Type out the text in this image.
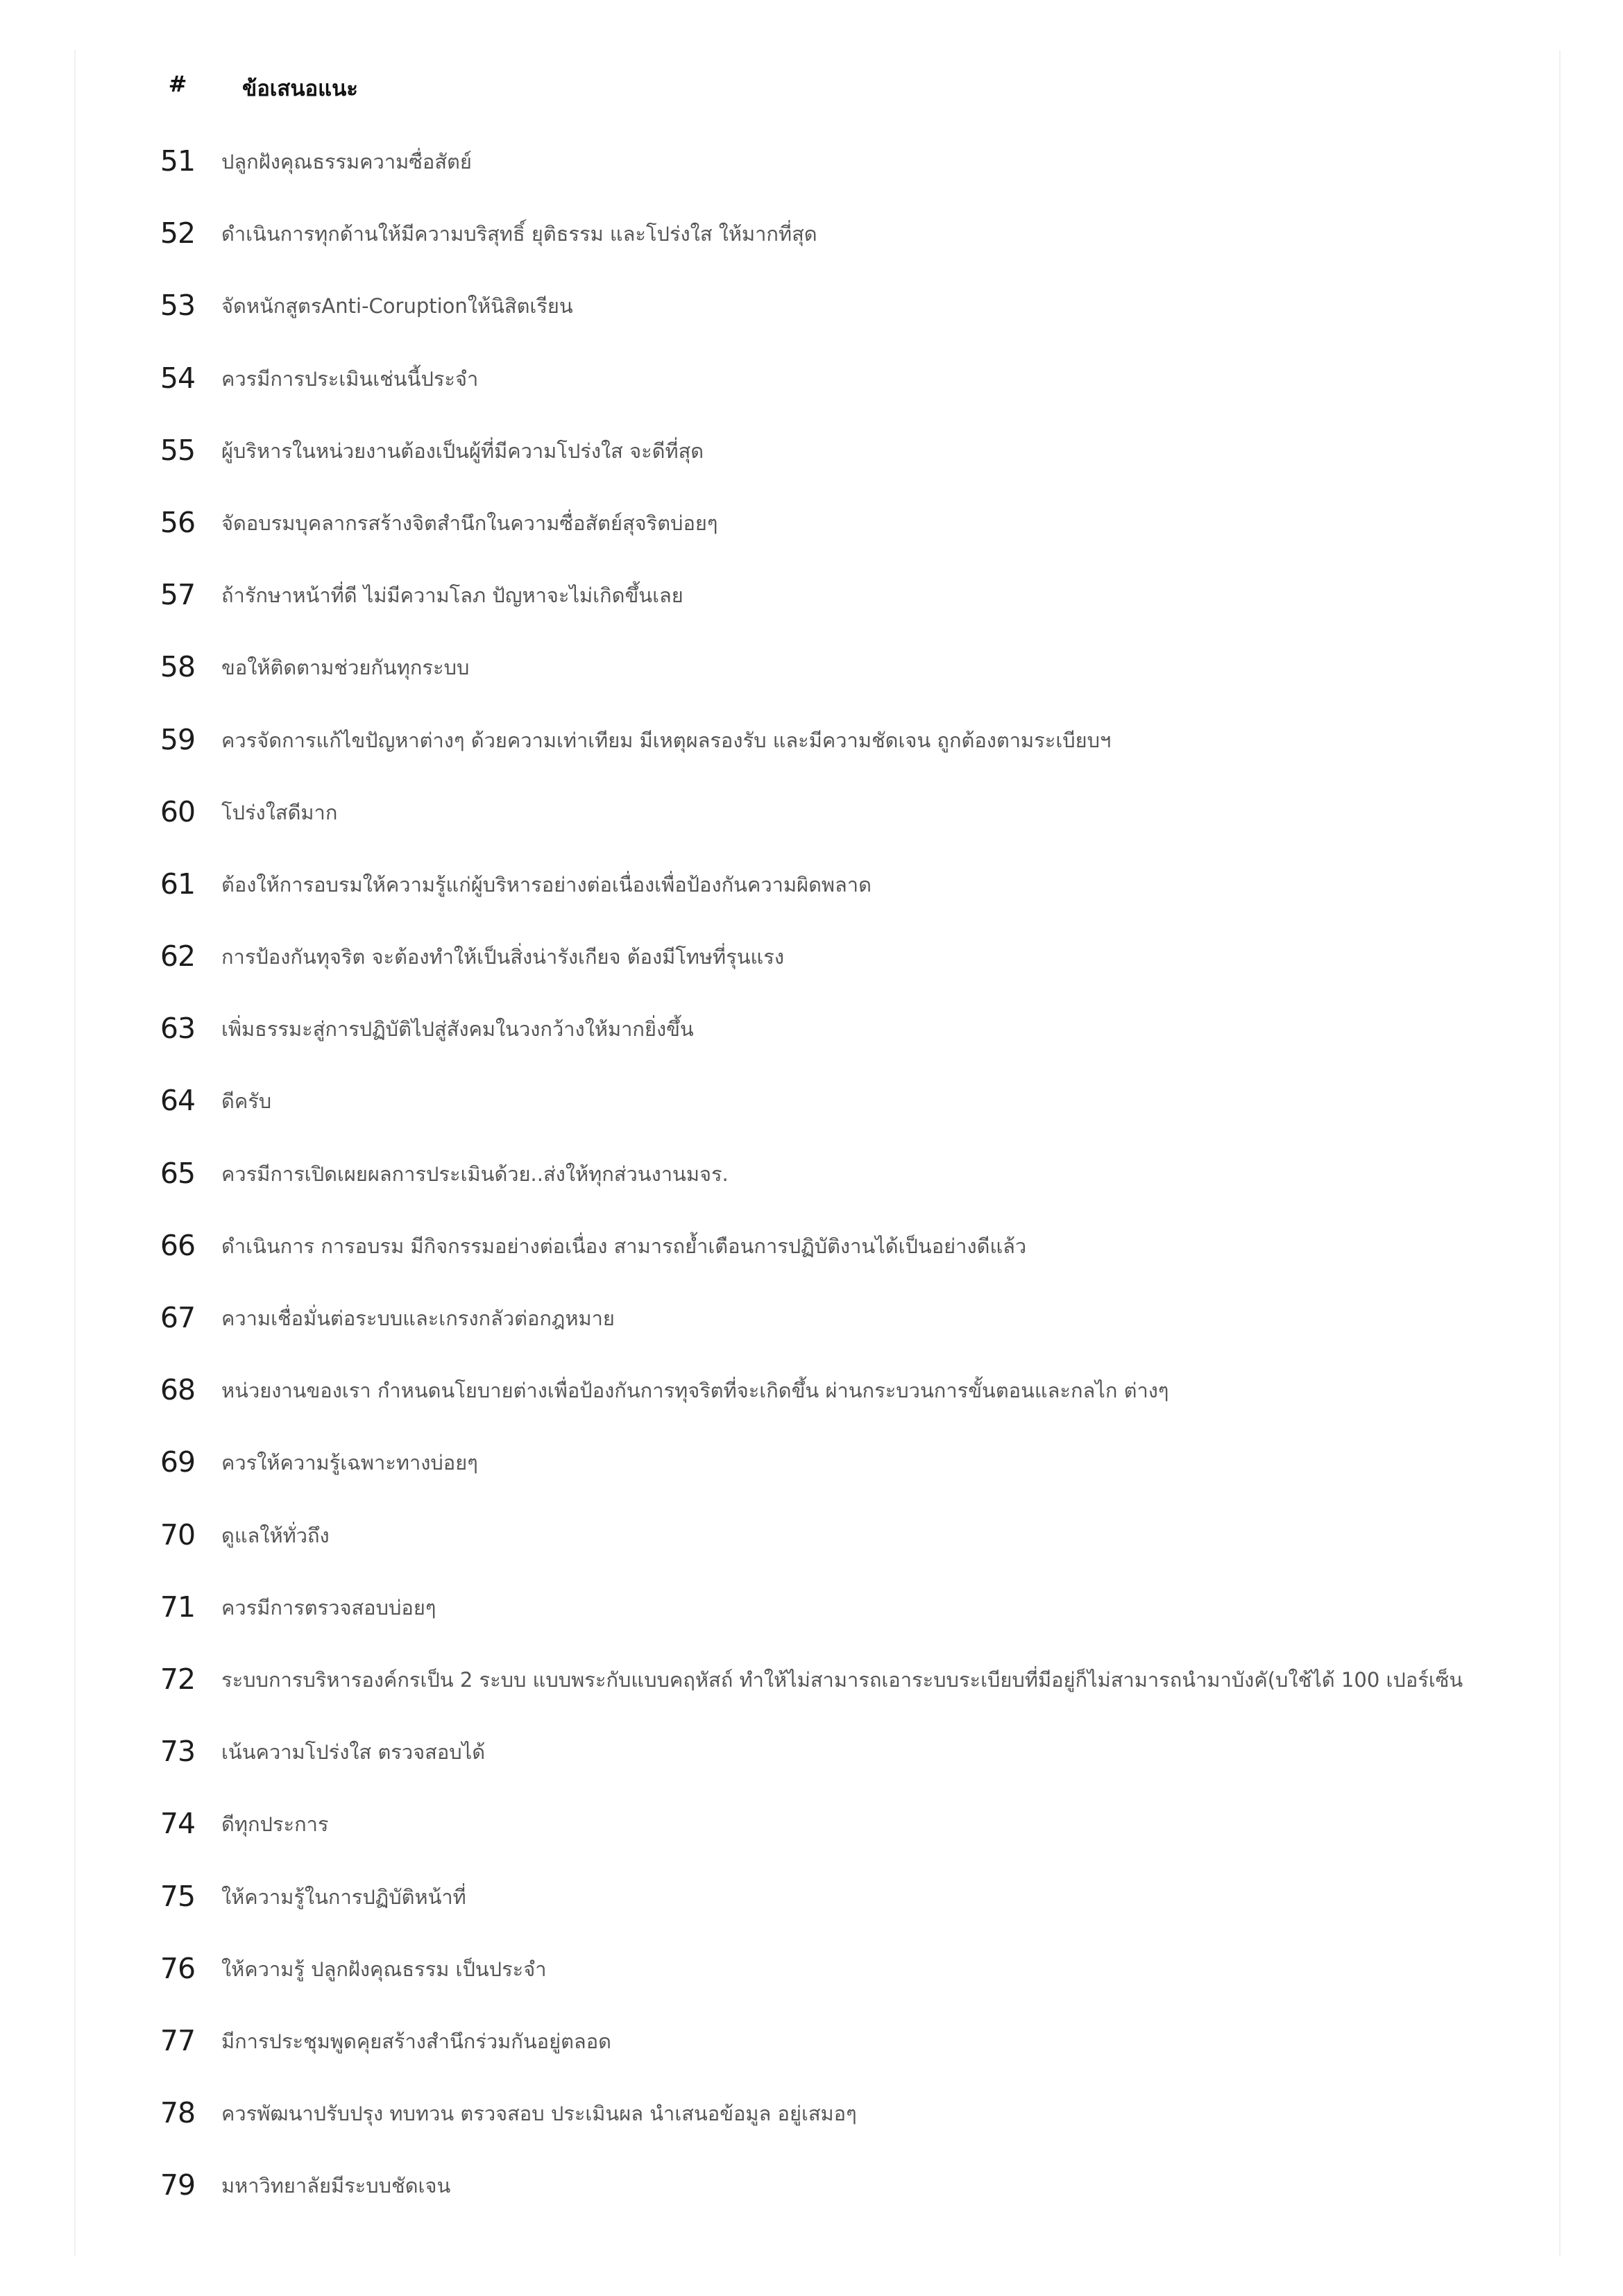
#	ข้อเสนอแนะ
51	ปลูกฝังคุณธรรมความซื่อสัตย์
52	ดำเนินการทุกด้านให้มีความบริสุทธิ์ ยุติธรรม และโปร่งใส ให้มากที่สุด
53	จัดหนักสูตรAnti-Coruptionให้นิสิตเรียน
54	ควรมีการประเมินเช่นนี้ประจำ
55	ผู้บริหารในหน่วยงานต้องเป็นผู้ที่มีความโปร่งใส จะดีที่สุด
56	จัดอบรมบุคลากรสร้างจิตสำนึกในความซื่อสัตย์สุจริตบ่อยๆ
57	ถ้ารักษาหน้าที่ดี ไม่มีความโลภ ปัญหาจะไม่เกิดขึ้นเลย
58	ขอให้ติดตามช่วยกันทุกระบบ
59	ควรจัดการแก้ไขปัญหาต่างๆ ด้วยความเท่าเทียม มีเหตุผลรองรับ และมีความชัดเจน ถูกต้องตามระเบียบฯ
60	โปร่งใสดีมาก
61	ต้องให้การอบรมให้ความรู้แก่ผู้บริหารอย่างต่อเนื่องเพื่อป้องกันความผิดพลาด
62	การป้องกันทุจริต จะต้องทำให้เป็นสิ่งน่ารังเกียจ ต้องมีโทษที่รุนแรง
63	เพิ่มธรรมะสู่การปฏิบัติไปสู่สังคมในวงกว้างให้มากยิ่งขึ้น
64	ดีครับ
65	ควรมีการเปิดเผยผลการประเมินด้วย..ส่งให้ทุกส่วนงานมจร.
66	ดำเนินการ การอบรม มีกิจกรรมอย่างต่อเนื่อง สามารถย้ำเตือนการปฏิบัติงานได้เป็นอย่างดีแล้ว
67	ความเชื่อมั่นต่อระบบและเกรงกลัวต่อกฎหมาย
68	หน่วยงานของเรา กำหนดนโยบายต่างเพื่อป้องกันการทุจริตที่จะเกิดขึ้น ผ่านกระบวนการขั้นตอนและกลไก ต่างๆ
69	ควรให้ความรู้เฉพาะทางบ่อยๆ
70	ดูแลให้ทั่วถึง
71	ควรมีการตรวจสอบบ่อยๆ
72	ระบบการบริหารองค์กรเป็น 2 ระบบ แบบพระกับแบบคฤหัสถ์ ทำให้ไม่สามารถเอาระบบระเบียบที่มีอยู่ก็ไม่สามารถนำมาบังคั(บใช้ได้ 100 เปอร์เซ็น
73	เน้นความโปร่งใส ตรวจสอบได้
74	ดีทุกประการ
75	ให้ความรู้ในการปฏิบัติหน้าที่
76	ให้ความรู้ ปลูกฝังคุณธรรม เป็นประจำ
77	มีการประชุมพูดคุยสร้างสำนึกร่วมกันอยู่ตลอด
78	ควรพัฒนาปรับปรุง ทบทวน ตรวจสอบ ประเมินผล นำเสนอข้อมูล อยู่เสมอๆ
79	มหาวิทยาลัยมีระบบชัดเจน
